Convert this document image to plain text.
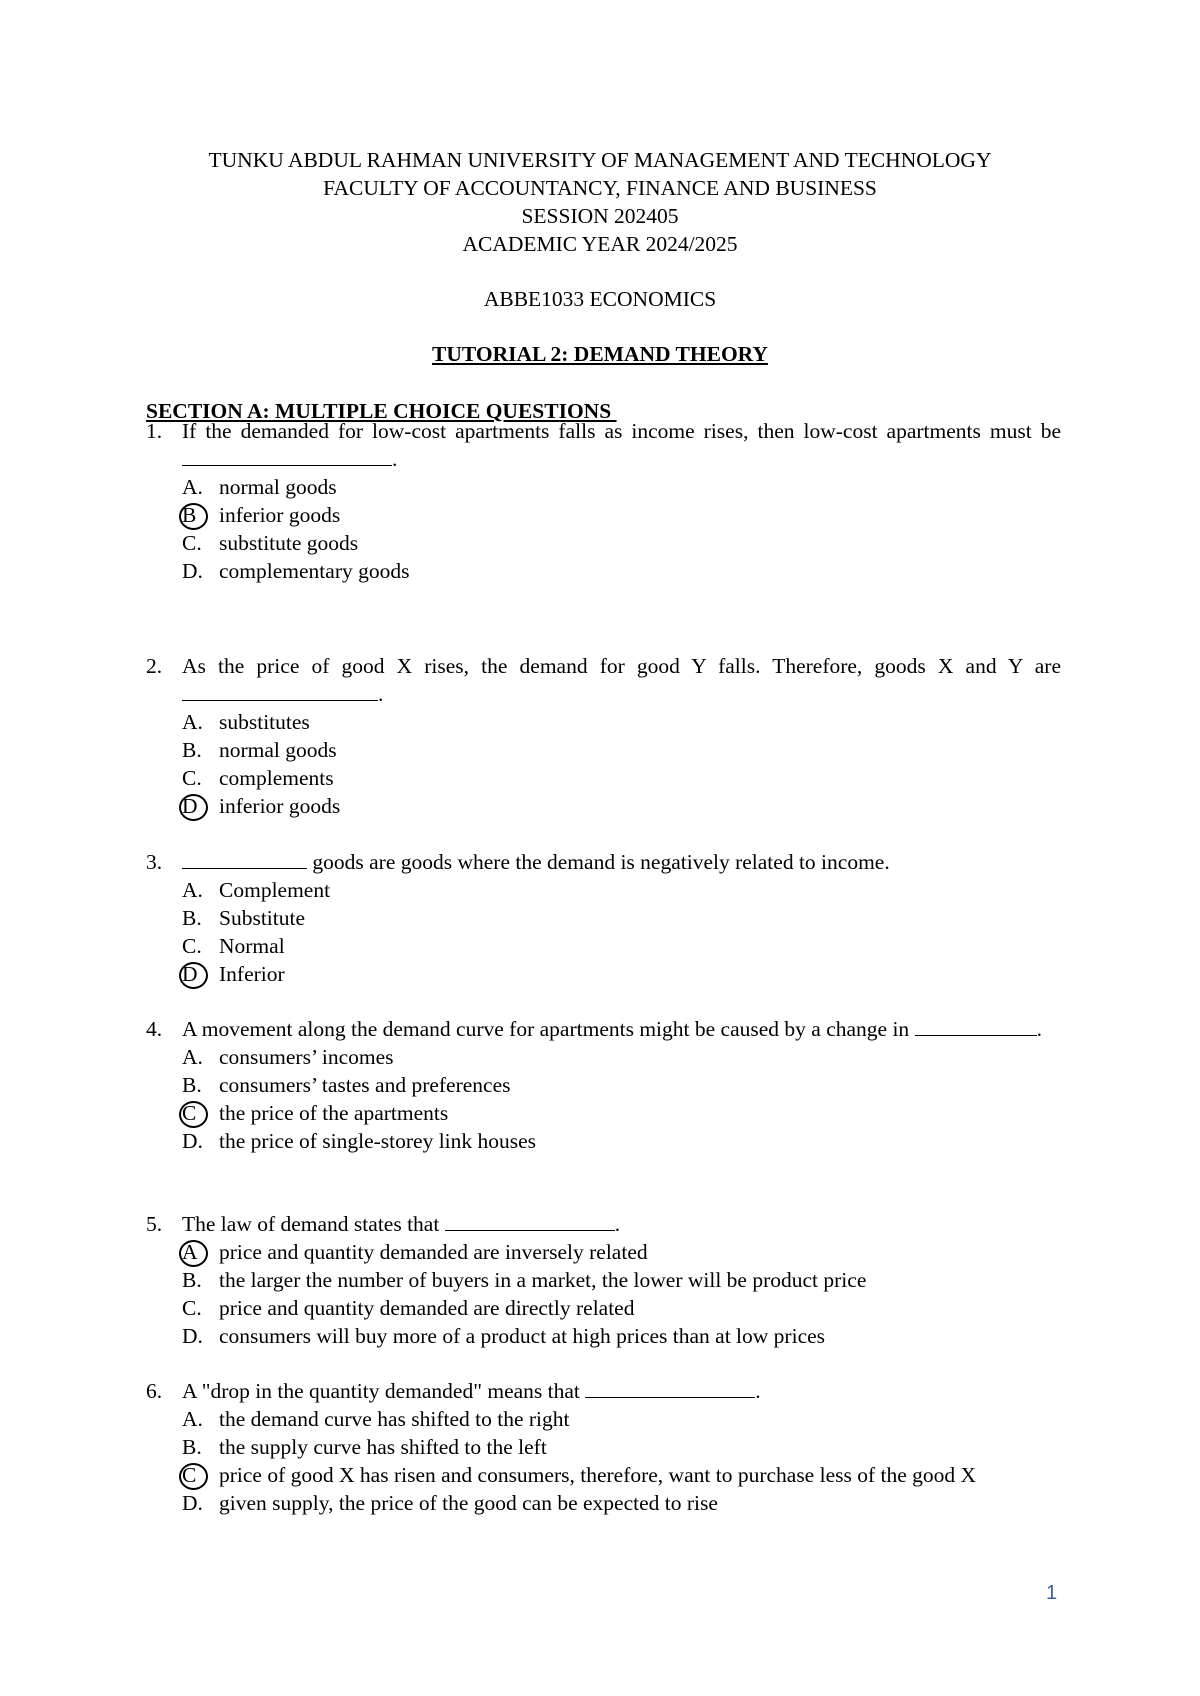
TUNKU ABDUL RAHMAN UNIVERSITY OF MANAGEMENT AND TECHNOLOGY
FACULTY OF ACCOUNTANCY, FINANCE AND BUSINESS
SESSION 202405
ACADEMIC YEAR 2024/2025
ABBE1033 ECONOMICS
TUTORIAL 2: DEMAND THEORY
SECTION A: MULTIPLE CHOICE QUESTIONS
1. If the demanded for low-cost apartments falls as income rises, then low-cost apartments must be .
A. normal goods
B	inferior goods
C. substitute goods
D. complementary goods
2. As the price of good X rises, the demand for good Y falls. Therefore, goods X and Y are .
A. substitutes
B. normal goods
C. complements
D inferior goods
3.	goods are goods where the demand is negatively related to income.
A. Complement
B. Substitute
C. Normal
D Inferior
4. A movement along the demand curve for apartments might be caused by a change in	.
A. consumers’ incomes
B. consumers’ tastes and preferences
C	the price of the apartments
D. the price of single-storey link houses
5. The law of demand states that	.
A price and quantity demanded are inversely related
B. the larger the number of buyers in a market, the lower will be product price
C. price and quantity demanded are directly related
D. consumers will buy more of a product at high prices than at low prices
6. A "drop in the quantity demanded" means that	.
A. the demand curve has shifted to the right
B. the supply curve has shifted to the left
C	price of good X has risen and consumers, therefore, want to purchase less of the good X
D. given supply, the price of the good can be expected to rise
1
